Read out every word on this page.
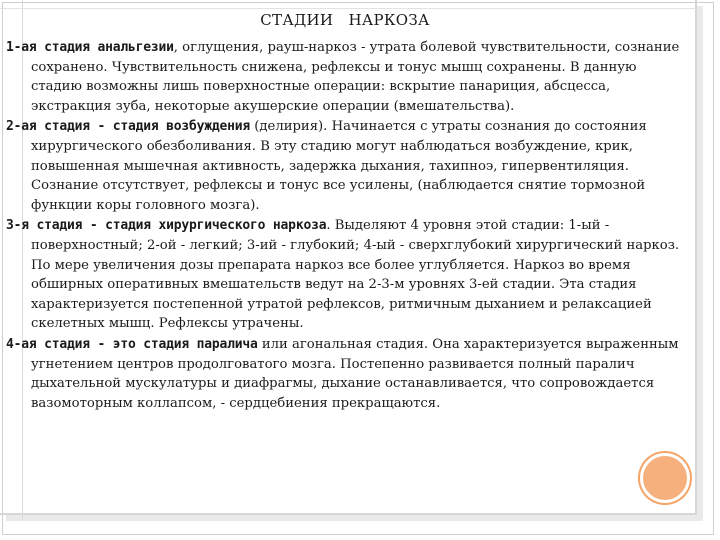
СТАДИИ   НАРКОЗА

1-ая стадия анальгезии, оглущения, рауш-наркоз - утрата болевой чувствительности, сознание сохранено. Чувствительность снижена, рефлексы и тонус мышц сохранены. В данную стадию возможны лишь поверхностные операции: вскрытие панариция, абсцесса, экстракция зуба, некоторые акушерские операции (вмешательства).

2-ая стадия - стадия возбуждения (делирия). Начинается с утраты сознания до состояния хирургического обезболивания. В эту стадию могут наблюдаться возбуждение, крик, повышенная мышечная активность, задержка дыхания, тахипноэ, гипервентиляция. Сознание отсутствует, рефлексы и тонус все усилены, (наблюдается снятие тормозной функции коры головного мозга).

3-я стадия - стадия хирургического наркоза. Выделяют 4 уровня этой стадии: 1-ый - поверхностный; 2-ой - легкий; 3-ий - глубокий; 4-ый - сверхглубокий хирургический наркоз. По мере увеличения дозы препарата наркоз все более углубляется. Наркоз во время обширных оперативных вмешательств ведут на 2-3-м уровнях 3-ей стадии. Эта стадия характеризуется постепенной утратой рефлексов, ритмичным дыханием и релаксацией скелетных мышц. Рефлексы утрачены.

4-ая стадия - это стадия паралича или агональная стадия. Она характеризуется выраженным угнетением центров продолговатого мозга. Постепенно развивается полный паралич дыхательной мускулатуры и диафрагмы, дыхание останавливается, что сопровождается вазомоторным коллапсом, - сердцебиения прекращаются.
